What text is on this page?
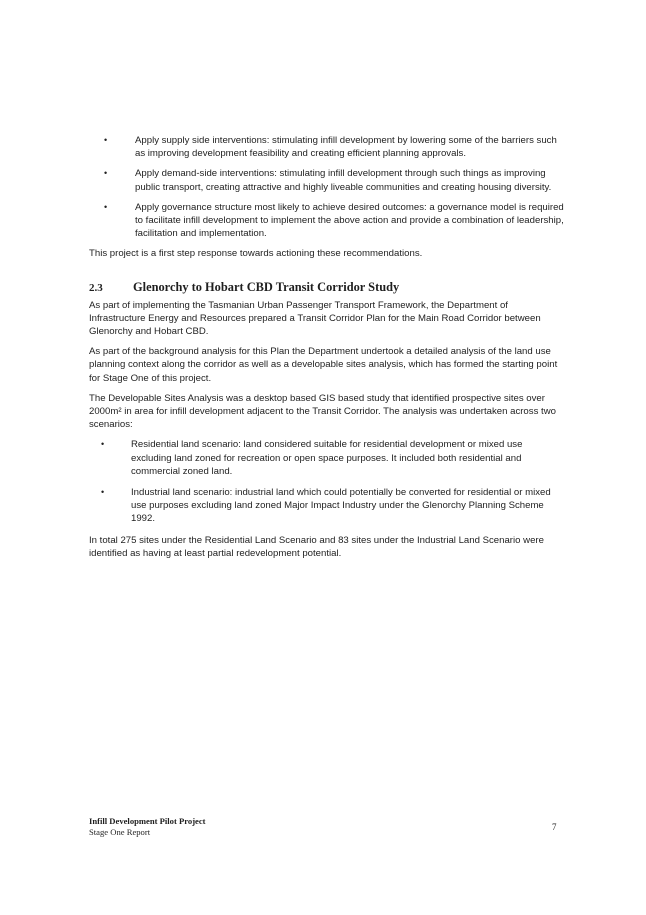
•	Apply supply side interventions: stimulating infill development by lowering some of the barriers such as improving development feasibility and creating efficient planning approvals.
•	Apply demand-side interventions: stimulating infill development through such things as improving public transport, creating attractive and highly liveable communities and creating housing diversity.
•	Apply governance structure most likely to achieve desired outcomes: a governance model is required to facilitate infill development to implement the above action and provide a combination of leadership, facilitation and implementation.

This project is a first step response towards actioning these recommendations.

2.3	Glenorchy to Hobart CBD Transit Corridor Study

As part of implementing the Tasmanian Urban Passenger Transport Framework, the Department of Infrastructure Energy and Resources prepared a Transit Corridor Plan for the Main Road Corridor between Glenorchy and Hobart CBD.

As part of the background analysis for this Plan the Department undertook a detailed analysis of the land use planning context along the corridor as well as a developable sites analysis, which has formed the starting point for Stage One of this project.

The Developable Sites Analysis was a desktop based GIS based study that identified prospective sites over 2000m² in area for infill development adjacent to the Transit Corridor. The analysis was undertaken across two scenarios:

•	Residential land scenario: land considered suitable for residential development or mixed use excluding land zoned for recreation or open space purposes. It included both residential and commercial zoned land.
•	Industrial land scenario: industrial land which could potentially be converted for residential or mixed use purposes excluding land zoned Major Impact Industry under the Glenorchy Planning Scheme 1992.

In total 275 sites under the Residential Land Scenario and 83 sites under the Industrial Land Scenario were identified as having at least partial redevelopment potential.

Infill Development Pilot Project
Stage One Report	7
